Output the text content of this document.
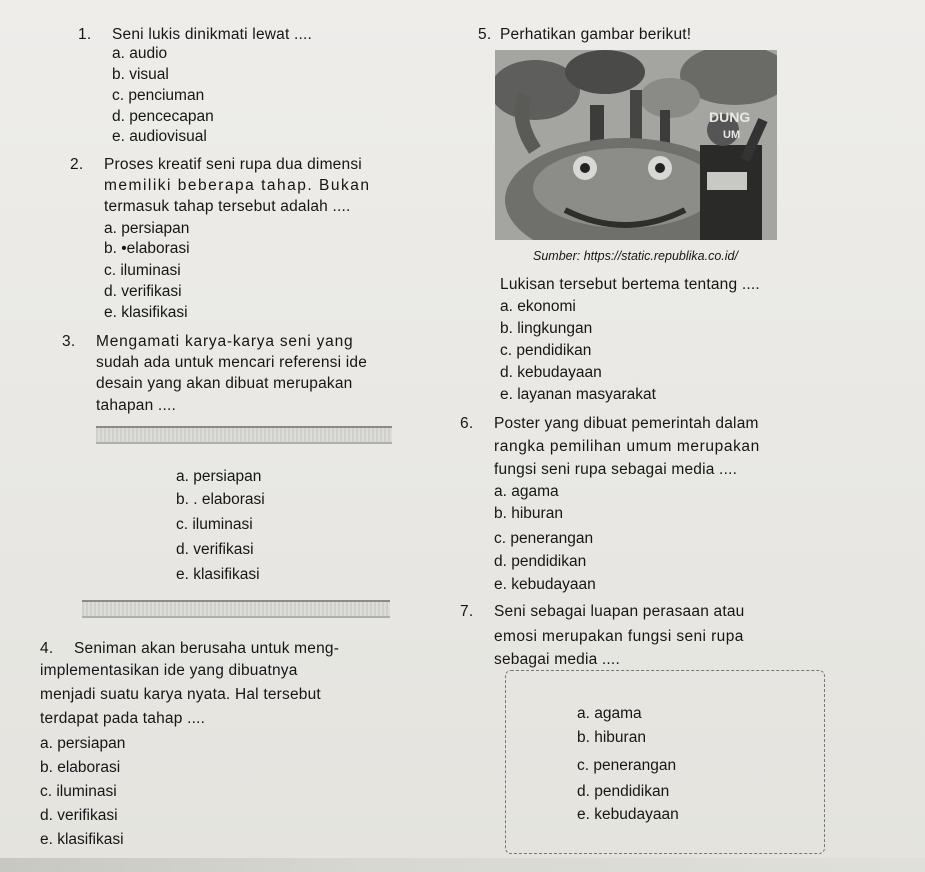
1. Seni lukis dinikmati lewat ....
a. audio
b. visual
c. penciuman
d. pencecapan
e. audiovisual
2. Proses kreatif seni rupa dua dimensi
memiliki beberapa tahap. Bukan
termasuk tahap tersebut adalah ....
a. persiapan
b. •elaborasi
c. iluminasi
d. verifikasi
e. klasifikasi
3. Mengamati karya-karya seni yang
sudah ada untuk mencari referensi ide
desain yang akan dibuat merupakan
tahapan ....
a. persiapan
b. . elaborasi
c. iluminasi
d. verifikasi
e. klasifikasi
4. Seniman akan berusaha untuk meng-
implementasikan ide yang dibuatnya
menjadi suatu karya nyata. Hal tersebut
terdapat pada tahap ....
a. persiapan
b. elaborasi
c. iluminasi
d. verifikasi
e. klasifikasi
5. Perhatikan gambar berikut!
DUNG
UM
Sumber: https://static.republika.co.id/
Lukisan tersebut bertema tentang ....
a. ekonomi
b. lingkungan
c. pendidikan
d. kebudayaan
e. layanan masyarakat
6. Poster yang dibuat pemerintah dalam
rangka pemilihan umum merupakan
fungsi seni rupa sebagai media ....
a. agama
b. hiburan
c. penerangan
d. pendidikan
e. kebudayaan
7. Seni sebagai luapan perasaan atau
emosi merupakan fungsi seni rupa
sebagai media ....
a. agama
b. hiburan
c. penerangan
d. pendidikan
e. kebudayaan
